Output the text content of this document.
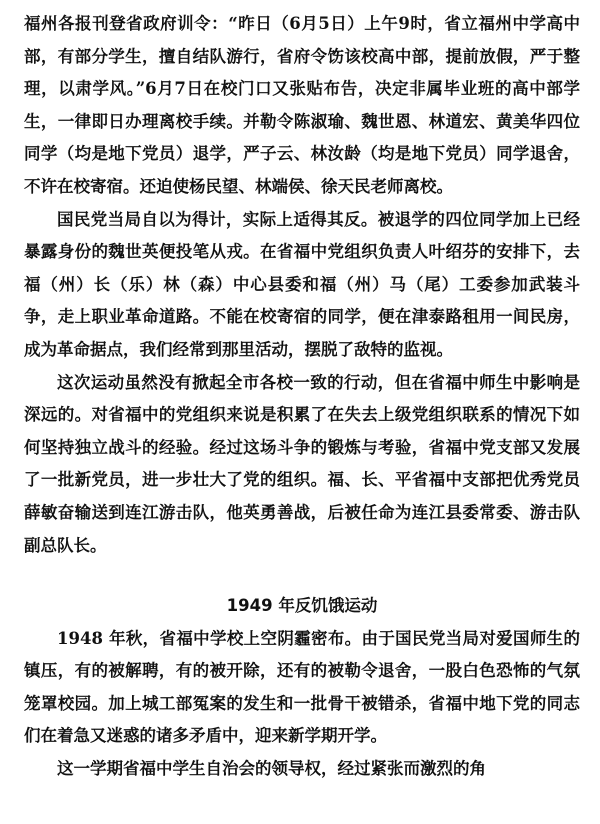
福州各报刊登省政府训令：“昨日（6月5日）上午9时，省立福州中学高中部，有部分学生，擅自结队游行，省府令饬该校高中部，提前放假，严于整理，以肃学风。”6月7日在校门口又张贴布告，决定非属毕业班的高中部学生，一律即日办理离校手续。并勒令陈淑瑜、魏世恩、林道宏、黄美华四位同学（均是地下党员）退学，严子云、林汝龄（均是地下党员）同学退舍，不许在校寄宿。还迫使杨民望、林端侯、徐天民老师离校。

国民党当局自以为得计，实际上适得其反。被退学的四位同学加上已经暴露身份的魏世英便投笔从戎。在省福中党组织负责人叶绍芬的安排下，去福（州）长（乐）林（森）中心县委和福（州）马（尾）工委参加武装斗争，走上职业革命道路。不能在校寄宿的同学，便在津泰路租用一间民房，成为革命据点，我们经常到那里活动，摆脱了敌特的监视。

这次运动虽然没有掀起全市各校一致的行动，但在省福中师生中影响是深远的。对省福中的党组织来说是积累了在失去上级党组织联系的情况下如何坚持独立战斗的经验。经过这场斗争的锻炼与考验，省福中党支部又发展了一批新党员，进一步壮大了党的组织。福、长、平省福中支部把优秀党员薛敏奋输送到连江游击队，他英勇善战，后被任命为连江县委常委、游击队副总队长。

1949 年反饥饿运动

1948 年秋，省福中学校上空阴霾密布。由于国民党当局对爱国师生的镇压，有的被解聘，有的被开除，还有的被勒令退舍，一股白色恐怖的气氛笼罩校园。加上城工部冤案的发生和一批骨干被错杀，省福中地下党的同志们在着急又迷惑的诸多矛盾中，迎来新学期开学。

这一学期省福中学生自治会的领导权，经过紧张而激烈的角
